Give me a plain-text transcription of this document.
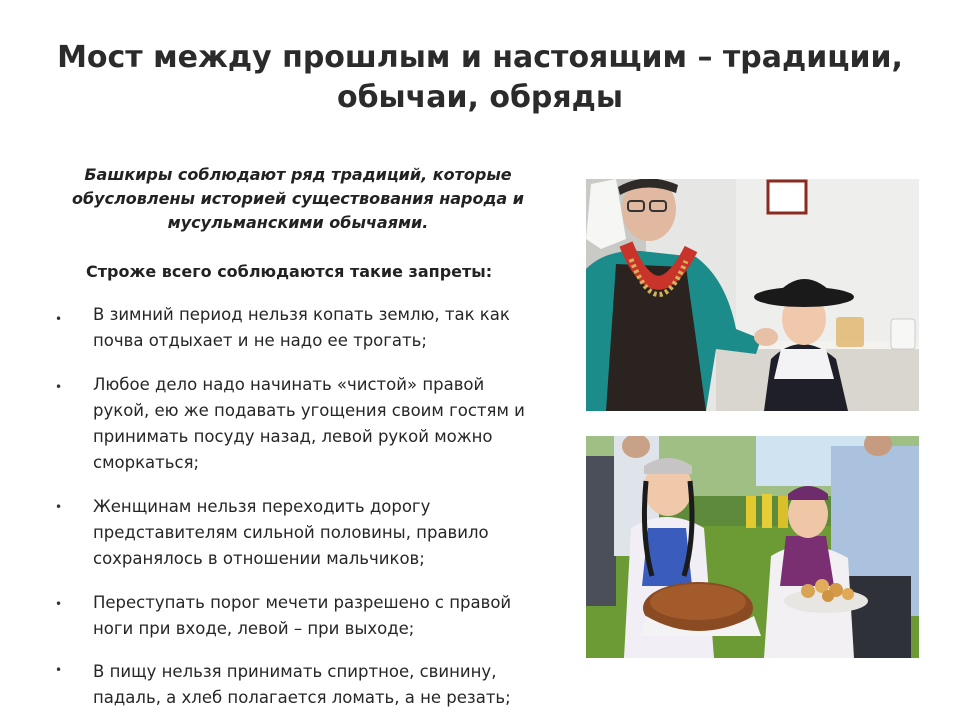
Мост между прошлым и настоящим – традиции,
обычаи, обряды
Башкиры соблюдают ряд традиций, которые
обусловлены историей существования народа и
мусульманскими обычаями.
Строже всего соблюдаются такие запреты:
• В зимний период нельзя копать землю, так как
почва отдыхает и не надо ее трогать;
• Любое дело надо начинать «чистой» правой
рукой, ею же подавать угощения своим гостям и
принимать посуду назад, левой рукой можно
сморкаться;
• Женщинам нельзя переходить дорогу
представителям сильной половины, правило
сохранялось в отношении мальчиков;
• Переступать порог мечети разрешено с правой
ноги при входе, левой – при выходе;
• В пищу нельзя принимать спиртное, свинину,
падаль, а хлеб полагается ломать, а не резать;
